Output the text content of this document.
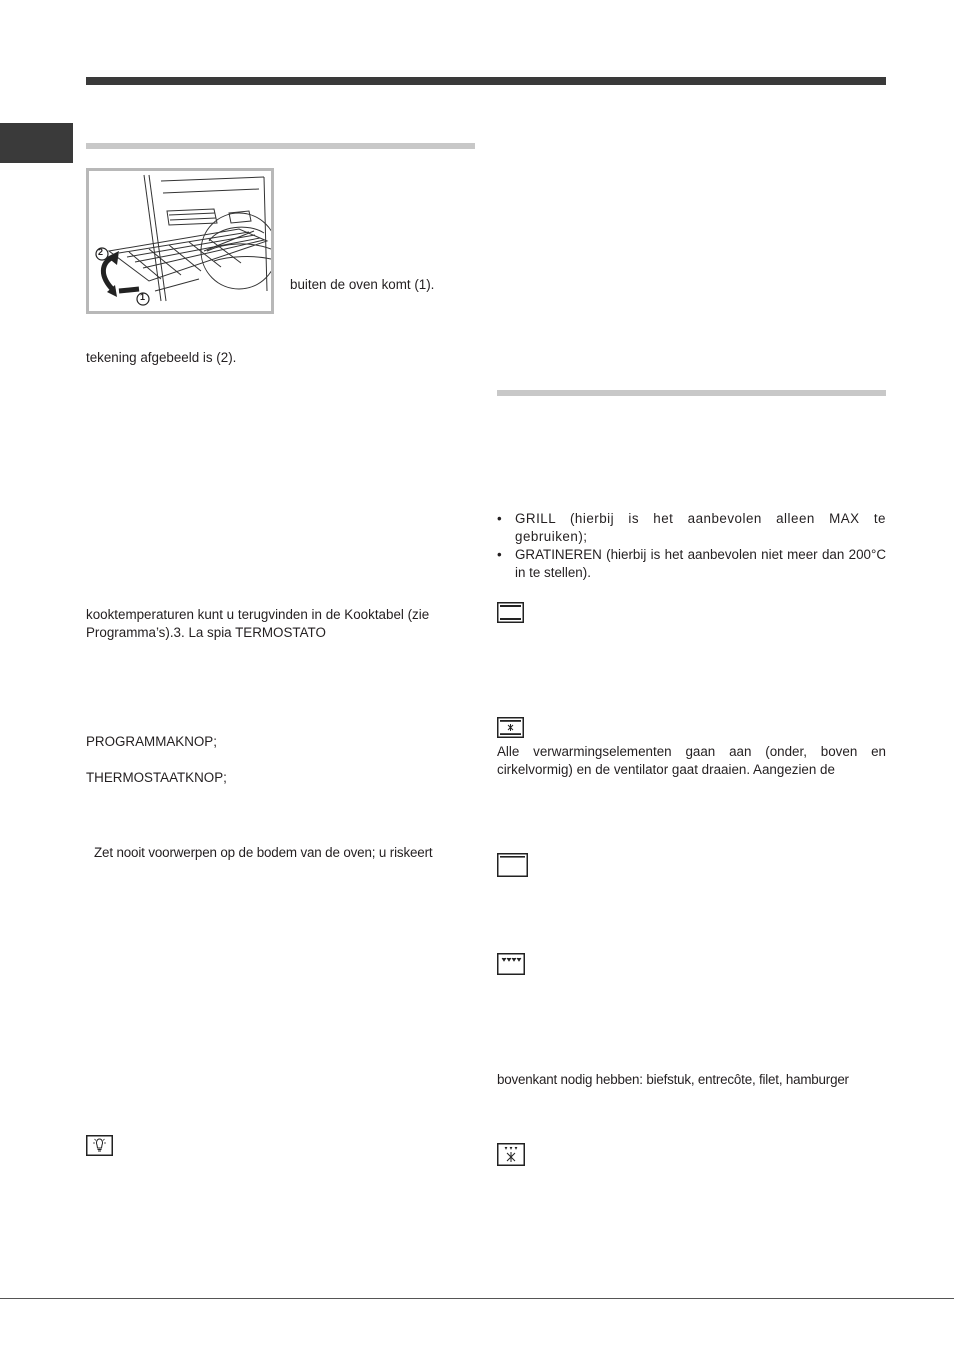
2
1
buiten de oven komt (1).
tekening afgebeeld is (2).
kooktemperaturen kunt u terugvinden in de Kooktabel (zie
Programma’s).3. La spia TERMOSTATO
PROGRAMMAKNOP;
THERMOSTAATKNOP;
Zet nooit voorwerpen op de bodem van de oven; u riskeert
• GRILL (hierbij is het aanbevolen alleen MAX te gebruiken);
• GRATINEREN (hierbij is het aanbevolen niet meer dan 200°C in te stellen).
Alle verwarmingselementen gaan aan (onder, boven en cirkelvormig) en de ventilator gaat draaien. Aangezien de
bovenkant nodig hebben: biefstuk, entrecôte, filet, hamburger
